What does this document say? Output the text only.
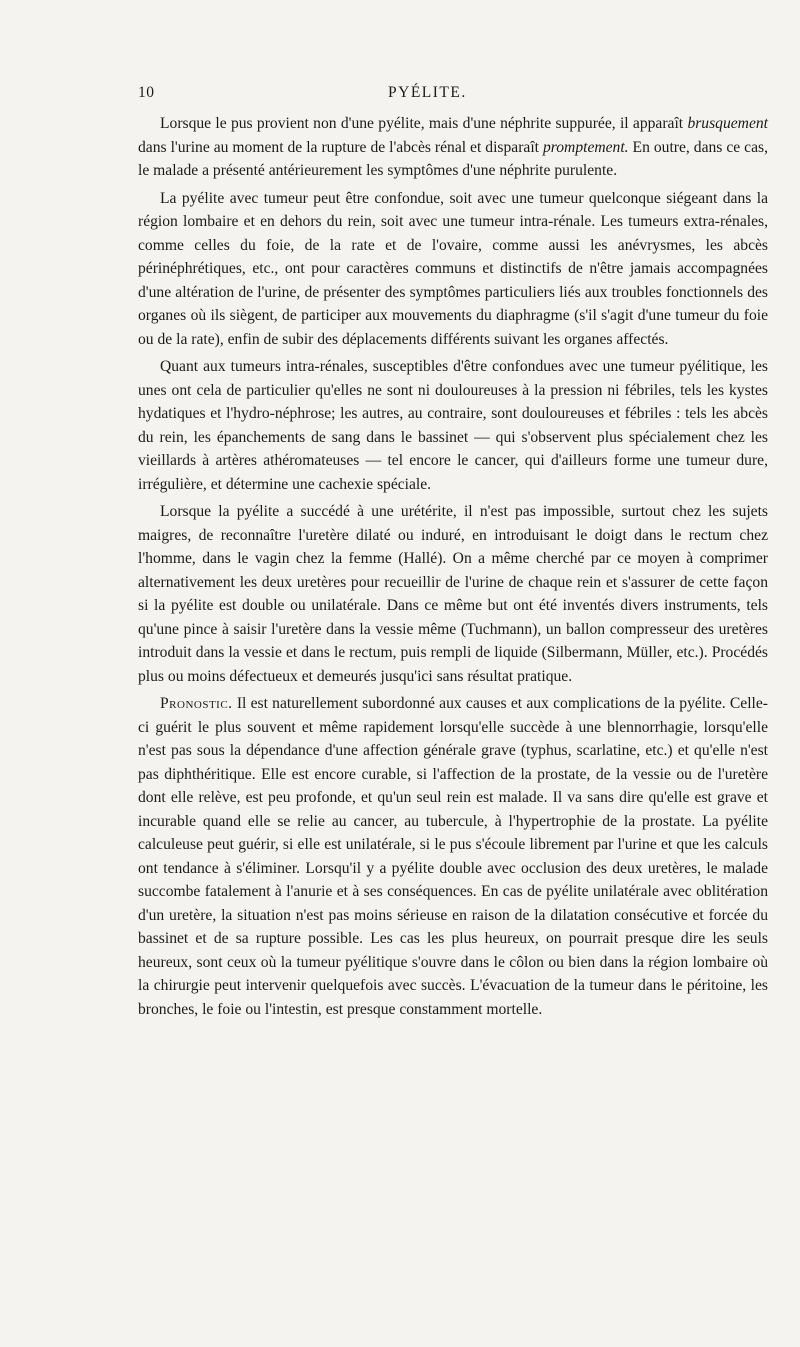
10	PYÉLITE.

Lorsque le pus provient non d'une pyélite, mais d'une néphrite suppurée, il apparaît brusquement dans l'urine au moment de la rupture de l'abcès rénal et disparaît promptement. En outre, dans ce cas, le malade a présenté antérieurement les symptômes d'une néphrite purulente.

La pyélite avec tumeur peut être confondue, soit avec une tumeur quelconque siégeant dans la région lombaire et en dehors du rein, soit avec une tumeur intra-rénale. Les tumeurs extra-rénales, comme celles du foie, de la rate et de l'ovaire, comme aussi les anévrysmes, les abcès périnéphrétiques, etc., ont pour caractères communs et distinctifs de n'être jamais accompagnées d'une altération de l'urine, de présenter des symptômes particuliers liés aux troubles fonctionnels des organes où ils siègent, de participer aux mouvements du diaphragme (s'il s'agit d'une tumeur du foie ou de la rate), enfin de subir des déplacements différents suivant les organes affectés.

Quant aux tumeurs intra-rénales, susceptibles d'être confondues avec une tumeur pyélitique, les unes ont cela de particulier qu'elles ne sont ni douloureuses à la pression ni fébriles, tels les kystes hydatiques et l'hydro-néphrose; les autres, au contraire, sont douloureuses et fébriles : tels les abcès du rein, les épanchements de sang dans le bassinet — qui s'observent plus spécialement chez les vieillards à artères athéromateuses — tel encore le cancer, qui d'ailleurs forme une tumeur dure, irrégulière, et détermine une cachexie spéciale.

Lorsque la pyélite a succédé à une urétérite, il n'est pas impossible, surtout chez les sujets maigres, de reconnaître l'uretère dilaté ou induré, en introduisant le doigt dans le rectum chez l'homme, dans le vagin chez la femme (Hallé). On a même cherché par ce moyen à comprimer alternativement les deux uretères pour recueillir de l'urine de chaque rein et s'assurer de cette façon si la pyélite est double ou unilatérale. Dans ce même but ont été inventés divers instruments, tels qu'une pince à saisir l'uretère dans la vessie même (Tuchmann), un ballon compresseur des uretères introduit dans la vessie et dans le rectum, puis rempli de liquide (Silbermann, Müller, etc.). Procédés plus ou moins défectueux et demeurés jusqu'ici sans résultat pratique.

Pronostic. Il est naturellement subordonné aux causes et aux complications de la pyélite. Celle-ci guérit le plus souvent et même rapidement lorsqu'elle succède à une blennorrhagie, lorsqu'elle n'est pas sous la dépendance d'une affection générale grave (typhus, scarlatine, etc.) et qu'elle n'est pas diphthéritique. Elle est encore curable, si l'affection de la prostate, de la vessie ou de l'uretère dont elle relève, est peu profonde, et qu'un seul rein est malade. Il va sans dire qu'elle est grave et incurable quand elle se relie au cancer, au tubercule, à l'hypertrophie de la prostate. La pyélite calculeuse peut guérir, si elle est unilatérale, si le pus s'écoule librement par l'urine et que les calculs ont tendance à s'éliminer. Lorsqu'il y a pyélite double avec occlusion des deux uretères, le malade succombe fatalement à l'anurie et à ses conséquences. En cas de pyélite unilatérale avec oblitération d'un uretère, la situation n'est pas moins sérieuse en raison de la dilatation consécutive et forcée du bassinet et de sa rupture possible. Les cas les plus heureux, on pourrait presque dire les seuls heureux, sont ceux où la tumeur pyélitique s'ouvre dans le côlon ou bien dans la région lombaire où la chirurgie peut intervenir quelquefois avec succès. L'évacuation de la tumeur dans le péritoine, les bronches, le foie ou l'intestin, est presque constamment mortelle.
